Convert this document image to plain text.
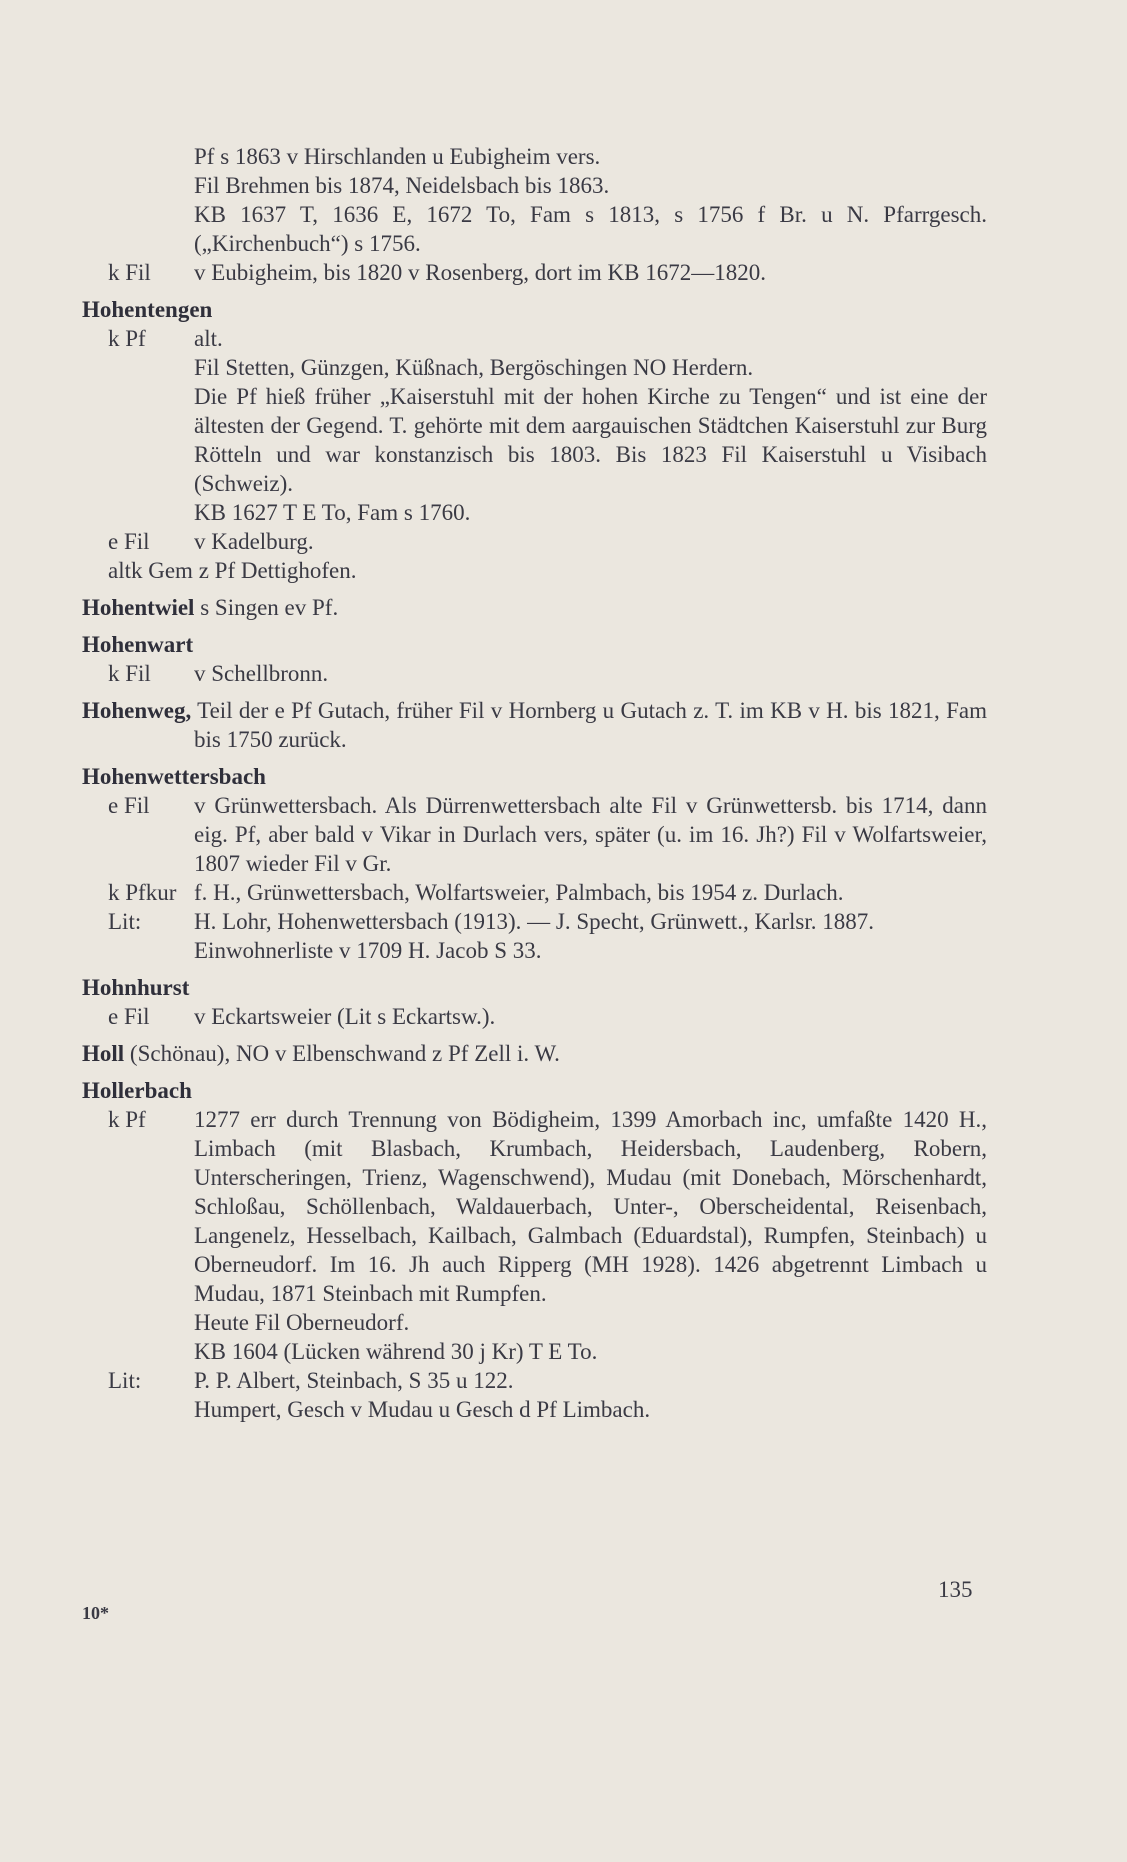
Pf s 1863 v Hirschlanden u Eubigheim vers.
Fil Brehmen bis 1874, Neidelsbach bis 1863.
KB 1637 T, 1636 E, 1672 To, Fam s 1813, s 1756 f Br. u N. Pfarrgesch. („Kirchenbuch“) s 1756.
k Fil v Eubigheim, bis 1820 v Rosenberg, dort im KB 1672—1820.
Hohentengen
k Pf alt.
Fil Stetten, Günzgen, Küßnach, Bergöschingen NO Herdern.
Die Pf hieß früher „Kaiserstuhl mit der hohen Kirche zu Tengen“ und ist eine der ältesten der Gegend. T. gehörte mit dem aargauischen Städtchen Kaiserstuhl zur Burg Rötteln und war konstanzisch bis 1803. Bis 1823 Fil Kaiserstuhl u Visibach (Schweiz).
KB 1627 T E To, Fam s 1760.
e Fil v Kadelburg.
altk Gem z Pf Dettighofen.

Hohentwiel s Singen ev Pf.
Hohenwart
k Fil v Schellbronn.
Hohenweg, Teil der e Pf Gutach, früher Fil v Hornberg u Gutach z. T. im KB v H. bis 1821, Fam bis 1750 zurück.
Hohenwettersbach
e Fil v Grünwettersbach. Als Dürrenwettersbach alte Fil v Grünwettersb. bis 1714, dann eig. Pf, aber bald v Vikar in Durlach vers, später (u. im 16. Jh?) Fil v Wolfartsweier, 1807 wieder Fil v Gr.
k Pfkur f. H., Grünwettersbach, Wolfartsweier, Palmbach, bis 1954 z. Durlach.
Lit: H. Lohr, Hohenwettersbach (1913). — J. Specht, Grünwett., Karlsr. 1887.
Einwohnerliste v 1709 H. Jacob S 33.
Hohnhurst
e Fil v Eckartsweier (Lit s Eckartsw.).
Holl (Schönau), NO v Elbenschwand z Pf Zell i. W.
Hollerbach
k Pf 1277 err durch Trennung von Bödigheim, 1399 Amorbach inc, umfaßte 1420 H., Limbach (mit Blasbach, Krumbach, Heidersbach, Laudenberg, Robern, Unterscheringen, Trienz, Wagenschwend), Mudau (mit Donebach, Mörschenhardt, Schloßau, Schöllenbach, Waldauerbach, Unter-, Oberscheidental, Reisenbach, Langenelz, Hesselbach, Kailbach, Galmbach (Eduardstal), Rumpfen, Steinbach) u Oberneudorf. Im 16. Jh auch Ripperg (MH 1928). 1426 abgetrennt Limbach u Mudau, 1871 Steinbach mit Rumpfen.
Heute Fil Oberneudorf.
KB 1604 (Lücken während 30 j Kr) T E To.
Lit: P. P. Albert, Steinbach, S 35 u 122.
Humpert, Gesch v Mudau u Gesch d Pf Limbach.
135
10*
